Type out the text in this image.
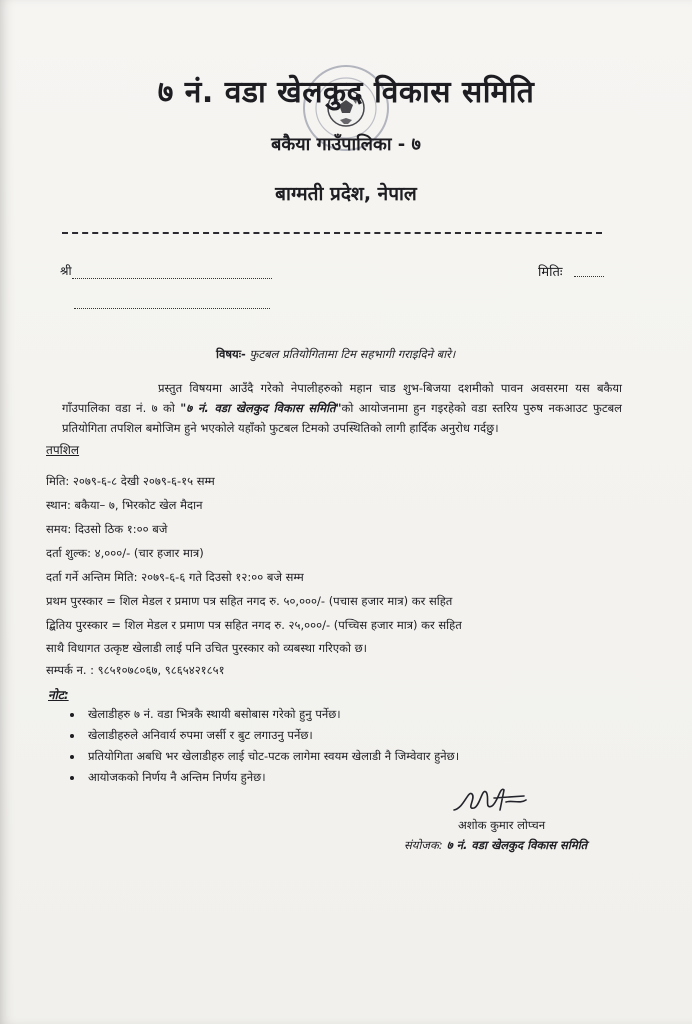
७ नं. वडा खेलकुद विकास समिति
बकैया गाउँपालिका - ७
बाग्मती प्रदेश, नेपाल
श्री	मितिः
विषयः- फुटबल प्रतियोगितामा टिम सहभागी गराइदिने बारे।
प्रस्तुत विषयमा आउँदै गरेको नेपालीहरुको महान चाड शुभ-बिजया दशमीको पावन अवसरमा यस बकैया गाँउपालिका वडा नं. ७ को "७ नं. वडा खेलकुद विकास समिति"को आयोजनामा हुन गइरहेको वडा स्तरिय पुरुष नकआउट फुटबल प्रतियोगिता तपशिल बमोजिम हुने भएकोले यहाँको फुटबल टिमको उपस्थितिको लागी हार्दिक अनुरोध गर्दछु।
तपशिल
मिति: २०७९-६-८ देखी २०७९-६-१५ सम्म
स्थान: बकैया– ७, भिरकोट खेल मैदान
समय: दिउसो ठिक १:०० बजे
दर्ता शुल्क: ४,०००/- (चार हजार मात्र)
दर्ता गर्ने अन्तिम मिति: २०७९-६-६ गते दिउसो १२:०० बजे सम्म
प्रथम पुरस्कार = शिल मेडल र प्रमाण पत्र सहित नगद रु. ५०,०००/- (पचास हजार मात्र) कर सहित
द्बितिय पुरस्कार = शिल मेडल र प्रमाण पत्र सहित नगद रु. २५,०००/- (पच्चिस हजार मात्र) कर सहित
साथै विधागत उत्कृष्ट खेलाडी लाई पनि उचित पुरस्कार को व्यबस्था गरिएको छ।
सम्पर्क न. : ९८५१०७८०६७, ९८६५४२१८५१
नोट:
• खेलाडीहरु ७ नं. वडा भित्रकै स्थायी बसोबास गरेको हुनु पर्नेछ।
• खेलाडीहरुले अनिवार्य रुपमा जर्सी र बुट लगाउनु पर्नेछ।
• प्रतियोगिता अबधि भर खेलाडीहरु लाई चोट-पटक लागेमा स्वयम खेलाडी नै जिम्वेवार हुनेछ।
• आयोजकको निर्णय नै अन्तिम निर्णय हुनेछ।
अशोक कुमार लोप्चन
संयोजक: ७ नं. वडा खेलकुद विकास समिति
